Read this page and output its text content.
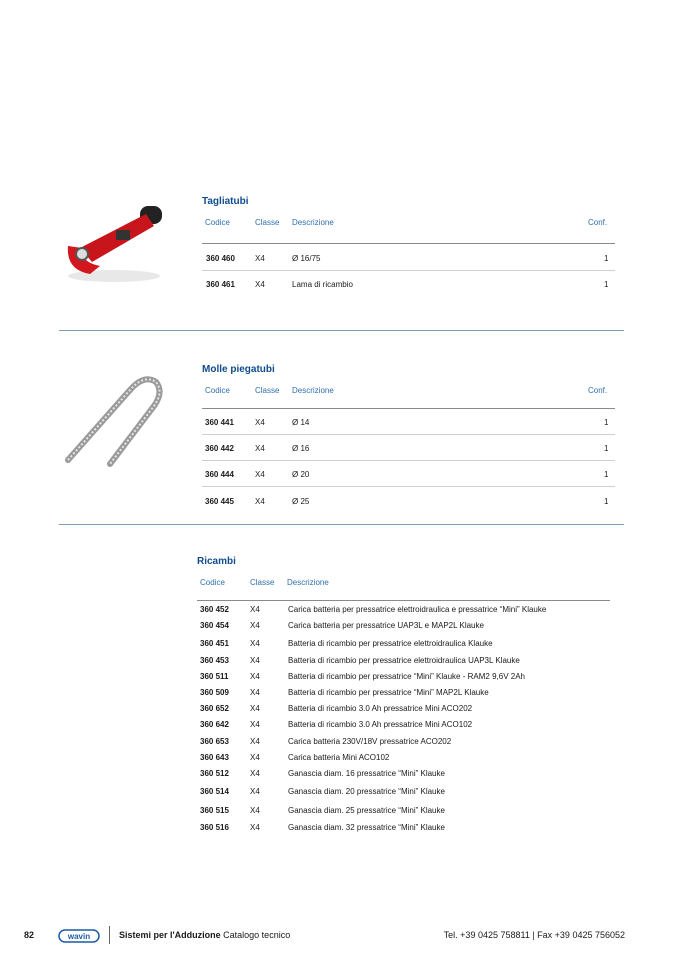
Tagliatubi
Codice	Classe Descrizione	Conf.
360 460	X4	Ø 16/75	1
360 461	X4	Lama di ricambio	1
Molle piegatubi
Codice	Classe Descrizione	Conf.
360 441	X4	Ø 14	1
360 442	X4	Ø 16	1
360 444	X4	Ø 20	1
360 445	X4	Ø 25	1
Ricambi
Codice	Classe Descrizione
360 452	X4	Carica batteria per pressatrice elettroidraulica e pressatrice “Mini” Klauke
360 454	X4	Carica batteria per pressatrice UAP3L e MAP2L Klauke
360 451	X4	Batteria di ricambio per pressatrice elettroidraulica Klauke
360 453	X4	Batteria di ricambio per pressatrice elettroidraulica UAP3L Klauke
360 511	X4	Batteria di ricambio per pressatrice “Mini” Klauke - RAM2 9,6V 2Ah
360 509	X4	Batteria di ricambio per pressatrice “Mini” MAP2L Klauke
360 652	X4	Batteria di ricambio 3.0 Ah pressatrice Mini ACO202
360 642	X4	Batteria di ricambio 3.0 Ah pressatrice Mini ACO102
360 653	X4	Carica batteria 230V/18V pressatrice ACO202
360 643	X4	Carica batteria Mini ACO102
360 512	X4	Ganascia diam. 16 pressatrice “Mini” Klauke
360 514	X4	Ganascia diam. 20 pressatrice “Mini” Klauke
360 515	X4	Ganascia diam. 25 pressatrice “Mini” Klauke
360 516	X4	Ganascia diam. 32 pressatrice “Mini” Klauke
82	wavin	Sistemi per l'Adduzione Catalogo tecnico	Tel. +39 0425 758811 | Fax +39 0425 756052
